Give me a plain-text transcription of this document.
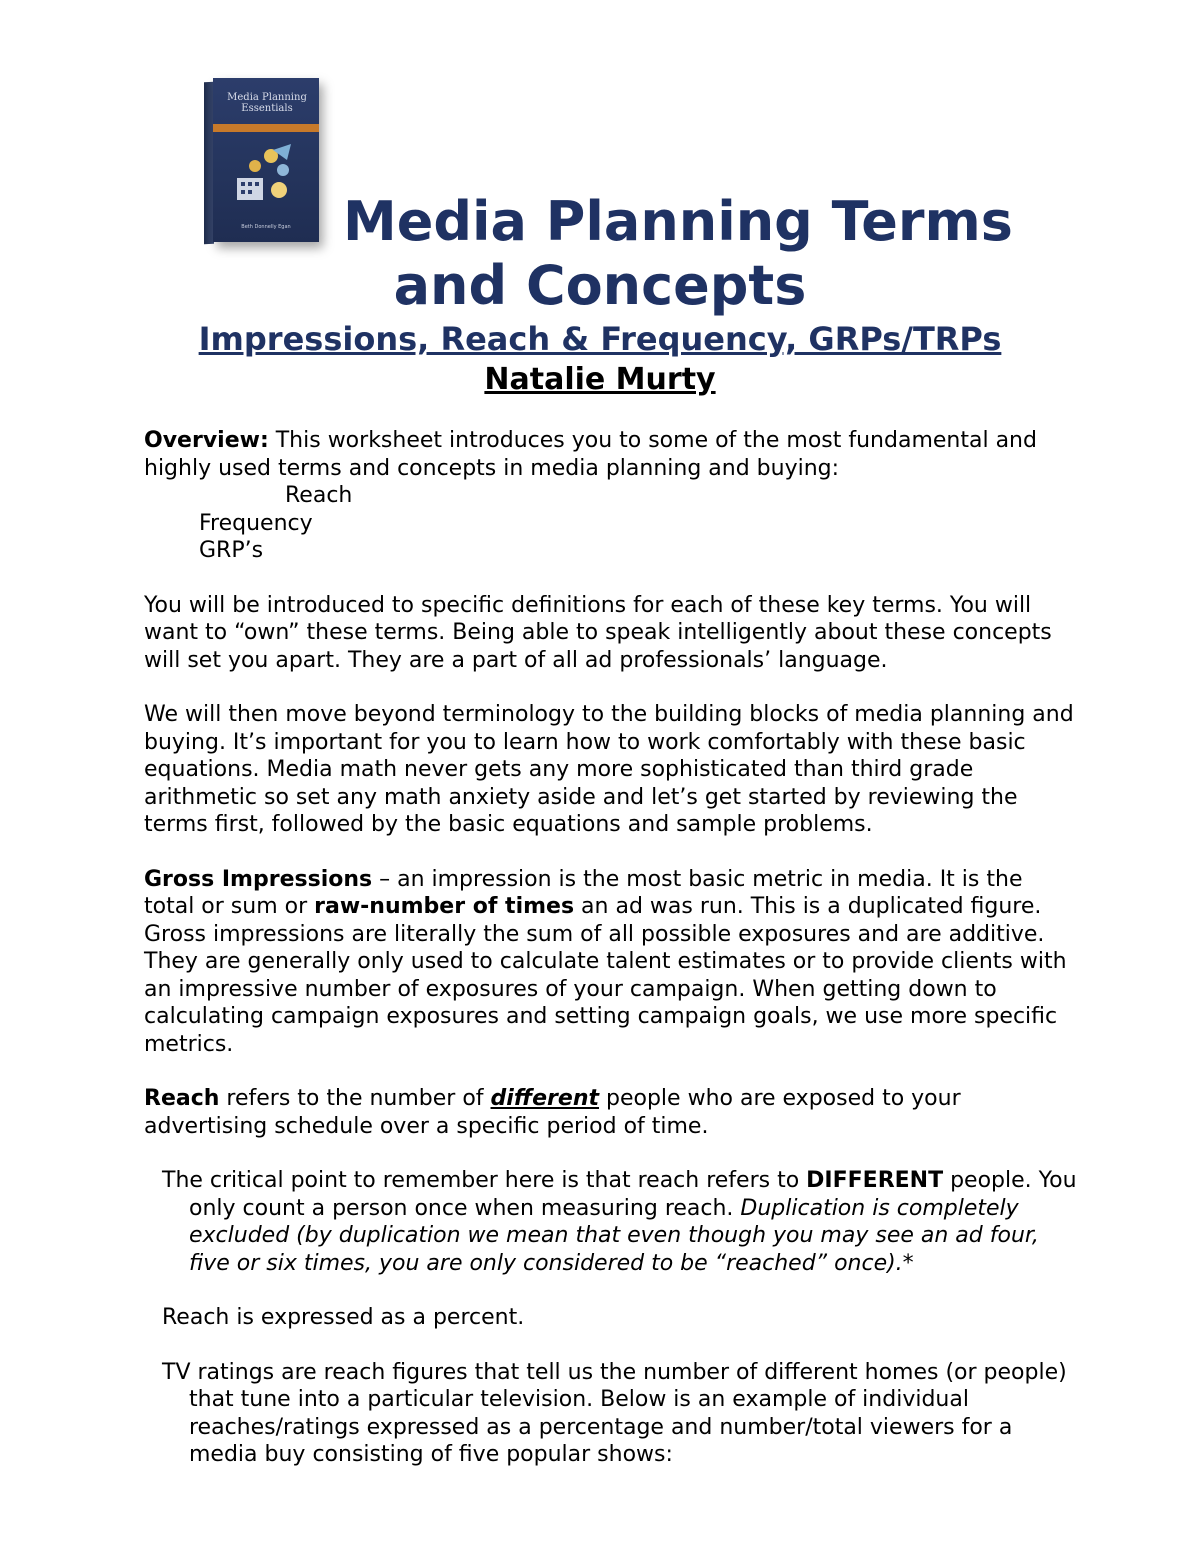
Media Planning Essentials
Beth Donnelly Egan Media Planning Terms
and Concepts
Impressions, Reach & Frequency, GRPs/TRPs
Natalie Murty

Overview: This worksheet introduces you to some of the most fundamental and highly used terms and concepts in media planning and buying:

Reach

Frequency

GRP’s

You will be introduced to specific definitions for each of these key terms. You will want to “own” these terms. Being able to speak intelligently about these concepts will set you apart. They are a part of all ad professionals’ language.

We will then move beyond terminology to the building blocks of media planning and buying. It’s important for you to learn how to work comfortably with these basic equations. Media math never gets any more sophisticated than third grade arithmetic so set any math anxiety aside and let’s get started by reviewing the terms first, followed by the basic equations and sample problems.

Gross Impressions – an impression is the most basic metric in media. It is the total or sum or raw-number of times an ad was run. This is a duplicated figure. Gross impressions are literally the sum of all possible exposures and are additive. They are generally only used to calculate talent estimates or to provide clients with an impressive number of exposures of your campaign. When getting down to calculating campaign exposures and setting campaign goals, we use more specific metrics.

Reach refers to the number of different people who are exposed to your advertising schedule over a specific period of time.

The critical point to remember here is that reach refers to DIFFERENT people. You only count a person once when measuring reach. Duplication is completely excluded (by duplication we mean that even though you may see an ad four, five or six times, you are only considered to be “reached” once).*

Reach is expressed as a percent.

TV ratings are reach figures that tell us the number of different homes (or people) that tune into a particular television. Below is an example of individual reaches/ratings expressed as a percentage and number/total viewers for a media buy consisting of five popular shows:
